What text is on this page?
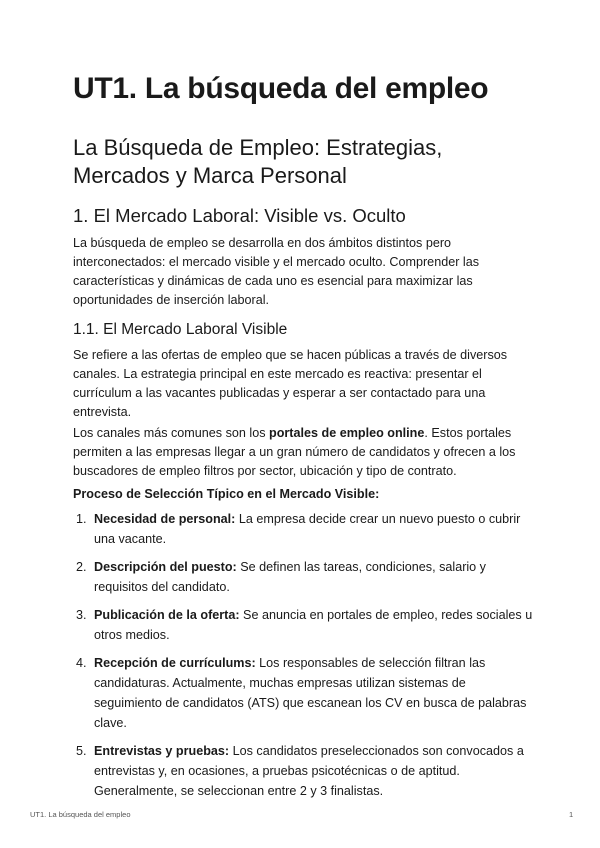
UT1. La búsqueda del empleo
La Búsqueda de Empleo: Estrategias, Mercados y Marca Personal
1. El Mercado Laboral: Visible vs. Oculto

La búsqueda de empleo se desarrolla en dos ámbitos distintos pero interconectados: el mercado visible y el mercado oculto. Comprender las características y dinámicas de cada uno es esencial para maximizar las oportunidades de inserción laboral.

1.1. El Mercado Laboral Visible

Se refiere a las ofertas de empleo que se hacen públicas a través de diversos canales. La estrategia principal en este mercado es reactiva: presentar el currículum a las vacantes publicadas y esperar a ser contactado para una entrevista.

Los canales más comunes son los portales de empleo online. Estos portales permiten a las empresas llegar a un gran número de candidatos y ofrecen a los buscadores de empleo filtros por sector, ubicación y tipo de contrato.

Proceso de Selección Típico en el Mercado Visible:

1. Necesidad de personal: La empresa decide crear un nuevo puesto o cubrir una vacante.
2. Descripción del puesto: Se definen las tareas, condiciones, salario y requisitos del candidato.
3. Publicación de la oferta: Se anuncia en portales de empleo, redes sociales u otros medios.
4. Recepción de currículums: Los responsables de selección filtran las candidaturas. Actualmente, muchas empresas utilizan sistemas de seguimiento de candidatos (ATS) que escanean los CV en busca de palabras clave.
5. Entrevistas y pruebas: Los candidatos preseleccionados son convocados a entrevistas y, en ocasiones, a pruebas psicotécnicas o de aptitud. Generalmente, se seleccionan entre 2 y 3 finalistas.
UT1. La búsqueda del empleo	1
